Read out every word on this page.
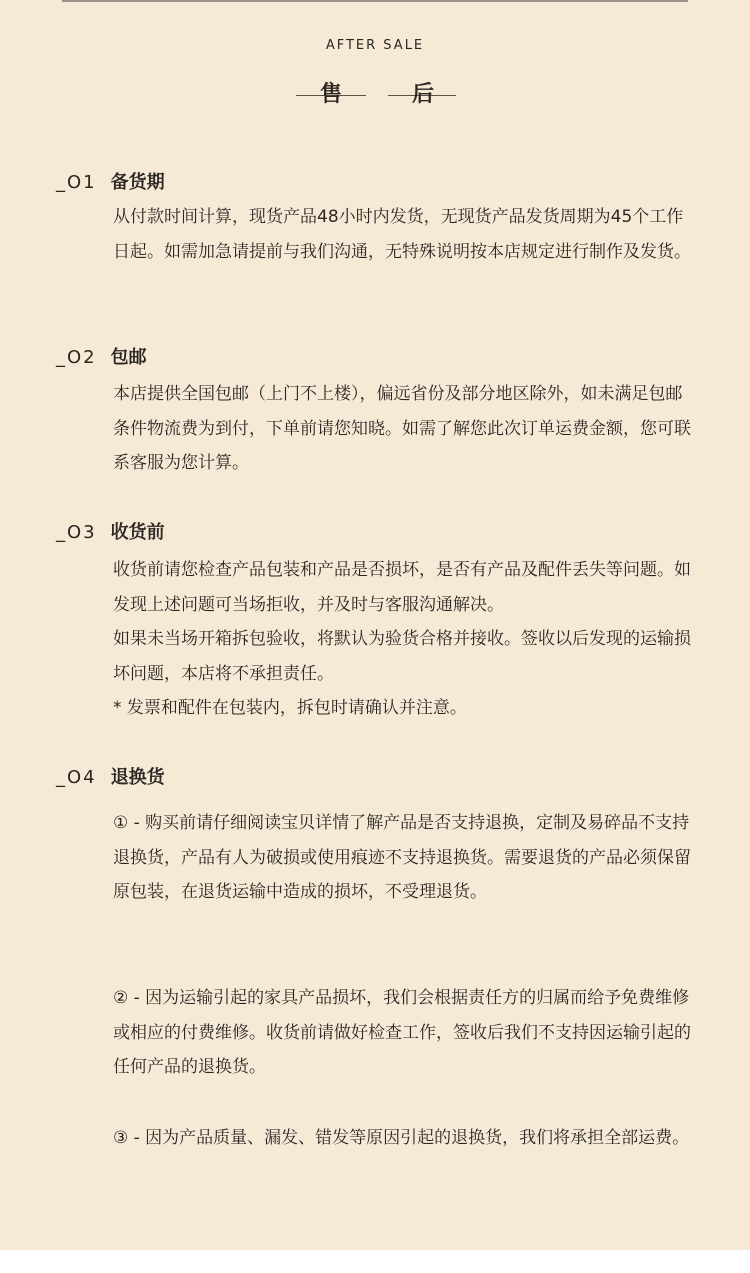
AFTER SALE
售	后
_O1 备货期

从付款时间计算，现货产品48小时内发货，无现货产品发货周期为45个工作日起。如需加急请提前与我们沟通，无特殊说明按本店规定进行制作及发货。

_O2 包邮

本店提供全国包邮（上门不上楼），偏远省份及部分地区除外，如未满足包邮条件物流费为到付，下单前请您知晓。如需了解您此次订单运费金额，您可联系客服为您计算。

_O3 收货前

收货前请您检查产品包装和产品是否损坏，是否有产品及配件丢失等问题。如发现上述问题可当场拒收，并及时与客服沟通解决。

如果未当场开箱拆包验收，将默认为验货合格并接收。签收以后发现的运输损坏问题，本店将不承担责任。

* 发票和配件在包装内，拆包时请确认并注意。

_O4 退换货

① - 购买前请仔细阅读宝贝详情了解产品是否支持退换，定制及易碎品不支持退换货，产品有人为破损或使用痕迹不支持退换货。需要退货的产品必须保留原包装，在退货运输中造成的损坏，不受理退货。

② - 因为运输引起的家具产品损坏，我们会根据责任方的归属而给予免费维修或相应的付费维修。收货前请做好检查工作，签收后我们不支持因运输引起的任何产品的退换货。

③ - 因为产品质量、漏发、错发等原因引起的退换货，我们将承担全部运费。
